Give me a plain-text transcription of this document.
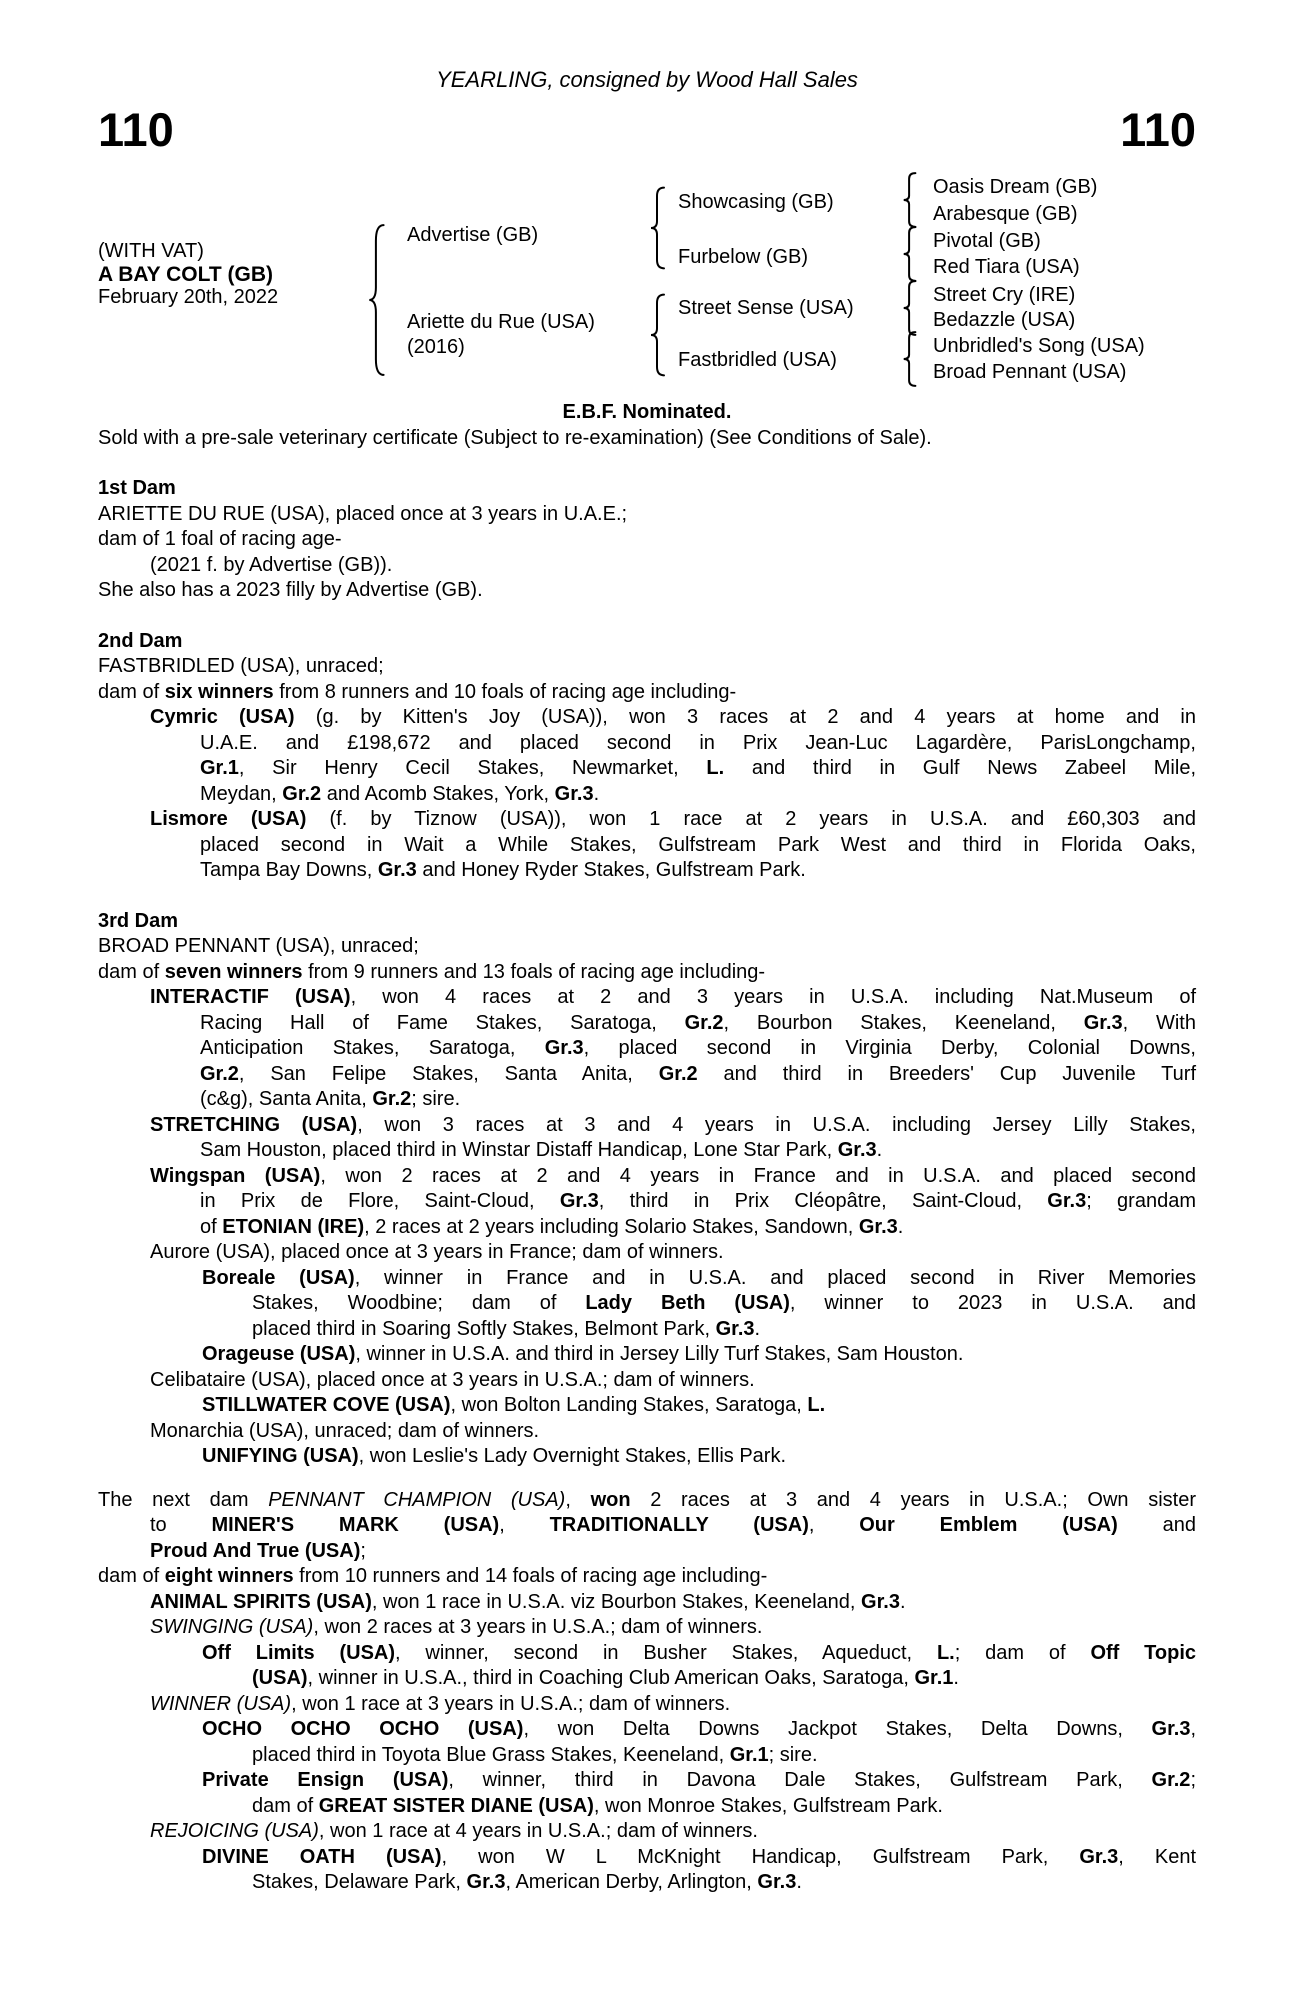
YEARLING, consigned by Wood Hall Sales
110	110
(WITH VAT)
A BAY COLT (GB)
February 20th, 2022
Advertise (GB)
Ariette du Rue (USA)
(2016)
Showcasing (GB)
Furbelow (GB)
Street Sense (USA)
Fastbridled (USA)
Oasis Dream (GB)
Arabesque (GB)
Pivotal (GB)
Red Tiara (USA)
Street Cry (IRE)
Bedazzle (USA)
Unbridled's Song (USA)
Broad Pennant (USA)
E.B.F. Nominated.
Sold with a pre-sale veterinary certificate (Subject to re-examination) (See Conditions of Sale).
1st Dam
ARIETTE DU RUE (USA), placed once at 3 years in U.A.E.;
dam of 1 foal of racing age-
(2021 f. by Advertise (GB)).
She also has a 2023 filly by Advertise (GB).
2nd Dam
FASTBRIDLED (USA), unraced;
dam of six winners from 8 runners and 10 foals of racing age including-
Cymric (USA) (g. by Kitten's Joy (USA)), won 3 races at 2 and 4 years at home and in
U.A.E. and £198,672 and placed second in Prix Jean-Luc Lagardère, ParisLongchamp,
Gr.1, Sir Henry Cecil Stakes, Newmarket, L. and third in Gulf News Zabeel Mile,
Meydan, Gr.2 and Acomb Stakes, York, Gr.3.
Lismore (USA) (f. by Tiznow (USA)), won 1 race at 2 years in U.S.A. and £60,303 and
placed second in Wait a While Stakes, Gulfstream Park West and third in Florida Oaks,
Tampa Bay Downs, Gr.3 and Honey Ryder Stakes, Gulfstream Park.
3rd Dam
BROAD PENNANT (USA), unraced;
dam of seven winners from 9 runners and 13 foals of racing age including-
INTERACTIF (USA), won 4 races at 2 and 3 years in U.S.A. including Nat.Museum of
Racing Hall of Fame Stakes, Saratoga, Gr.2, Bourbon Stakes, Keeneland, Gr.3, With
Anticipation Stakes, Saratoga, Gr.3, placed second in Virginia Derby, Colonial Downs,
Gr.2, San Felipe Stakes, Santa Anita, Gr.2 and third in Breeders' Cup Juvenile Turf
(c&g), Santa Anita, Gr.2; sire.
STRETCHING (USA), won 3 races at 3 and 4 years in U.S.A. including Jersey Lilly Stakes,
Sam Houston, placed third in Winstar Distaff Handicap, Lone Star Park, Gr.3.
Wingspan (USA), won 2 races at 2 and 4 years in France and in U.S.A. and placed second
in Prix de Flore, Saint-Cloud, Gr.3, third in Prix Cléopâtre, Saint-Cloud, Gr.3; grandam
of ETONIAN (IRE), 2 races at 2 years including Solario Stakes, Sandown, Gr.3.
Aurore (USA), placed once at 3 years in France; dam of winners.
Boreale (USA), winner in France and in U.S.A. and placed second in River Memories
Stakes, Woodbine; dam of Lady Beth (USA), winner to 2023 in U.S.A. and
placed third in Soaring Softly Stakes, Belmont Park, Gr.3.
Orageuse (USA), winner in U.S.A. and third in Jersey Lilly Turf Stakes, Sam Houston.
Celibataire (USA), placed once at 3 years in U.S.A.; dam of winners.
STILLWATER COVE (USA), won Bolton Landing Stakes, Saratoga, L.
Monarchia (USA), unraced; dam of winners.
UNIFYING (USA), won Leslie's Lady Overnight Stakes, Ellis Park.
The next dam PENNANT CHAMPION (USA), won 2 races at 3 and 4 years in U.S.A.; Own sister
to MINER'S MARK (USA), TRADITIONALLY (USA), Our Emblem (USA) and
Proud And True (USA);
dam of eight winners from 10 runners and 14 foals of racing age including-
ANIMAL SPIRITS (USA), won 1 race in U.S.A. viz Bourbon Stakes, Keeneland, Gr.3.
SWINGING (USA), won 2 races at 3 years in U.S.A.; dam of winners.
Off Limits (USA), winner, second in Busher Stakes, Aqueduct, L.; dam of Off Topic
(USA), winner in U.S.A., third in Coaching Club American Oaks, Saratoga, Gr.1.
WINNER (USA), won 1 race at 3 years in U.S.A.; dam of winners.
OCHO OCHO OCHO (USA), won Delta Downs Jackpot Stakes, Delta Downs, Gr.3,
placed third in Toyota Blue Grass Stakes, Keeneland, Gr.1; sire.
Private Ensign (USA), winner, third in Davona Dale Stakes, Gulfstream Park, Gr.2;
dam of GREAT SISTER DIANE (USA), won Monroe Stakes, Gulfstream Park.
REJOICING (USA), won 1 race at 4 years in U.S.A.; dam of winners.
DIVINE OATH (USA), won W L McKnight Handicap, Gulfstream Park, Gr.3, Kent
Stakes, Delaware Park, Gr.3, American Derby, Arlington, Gr.3.
